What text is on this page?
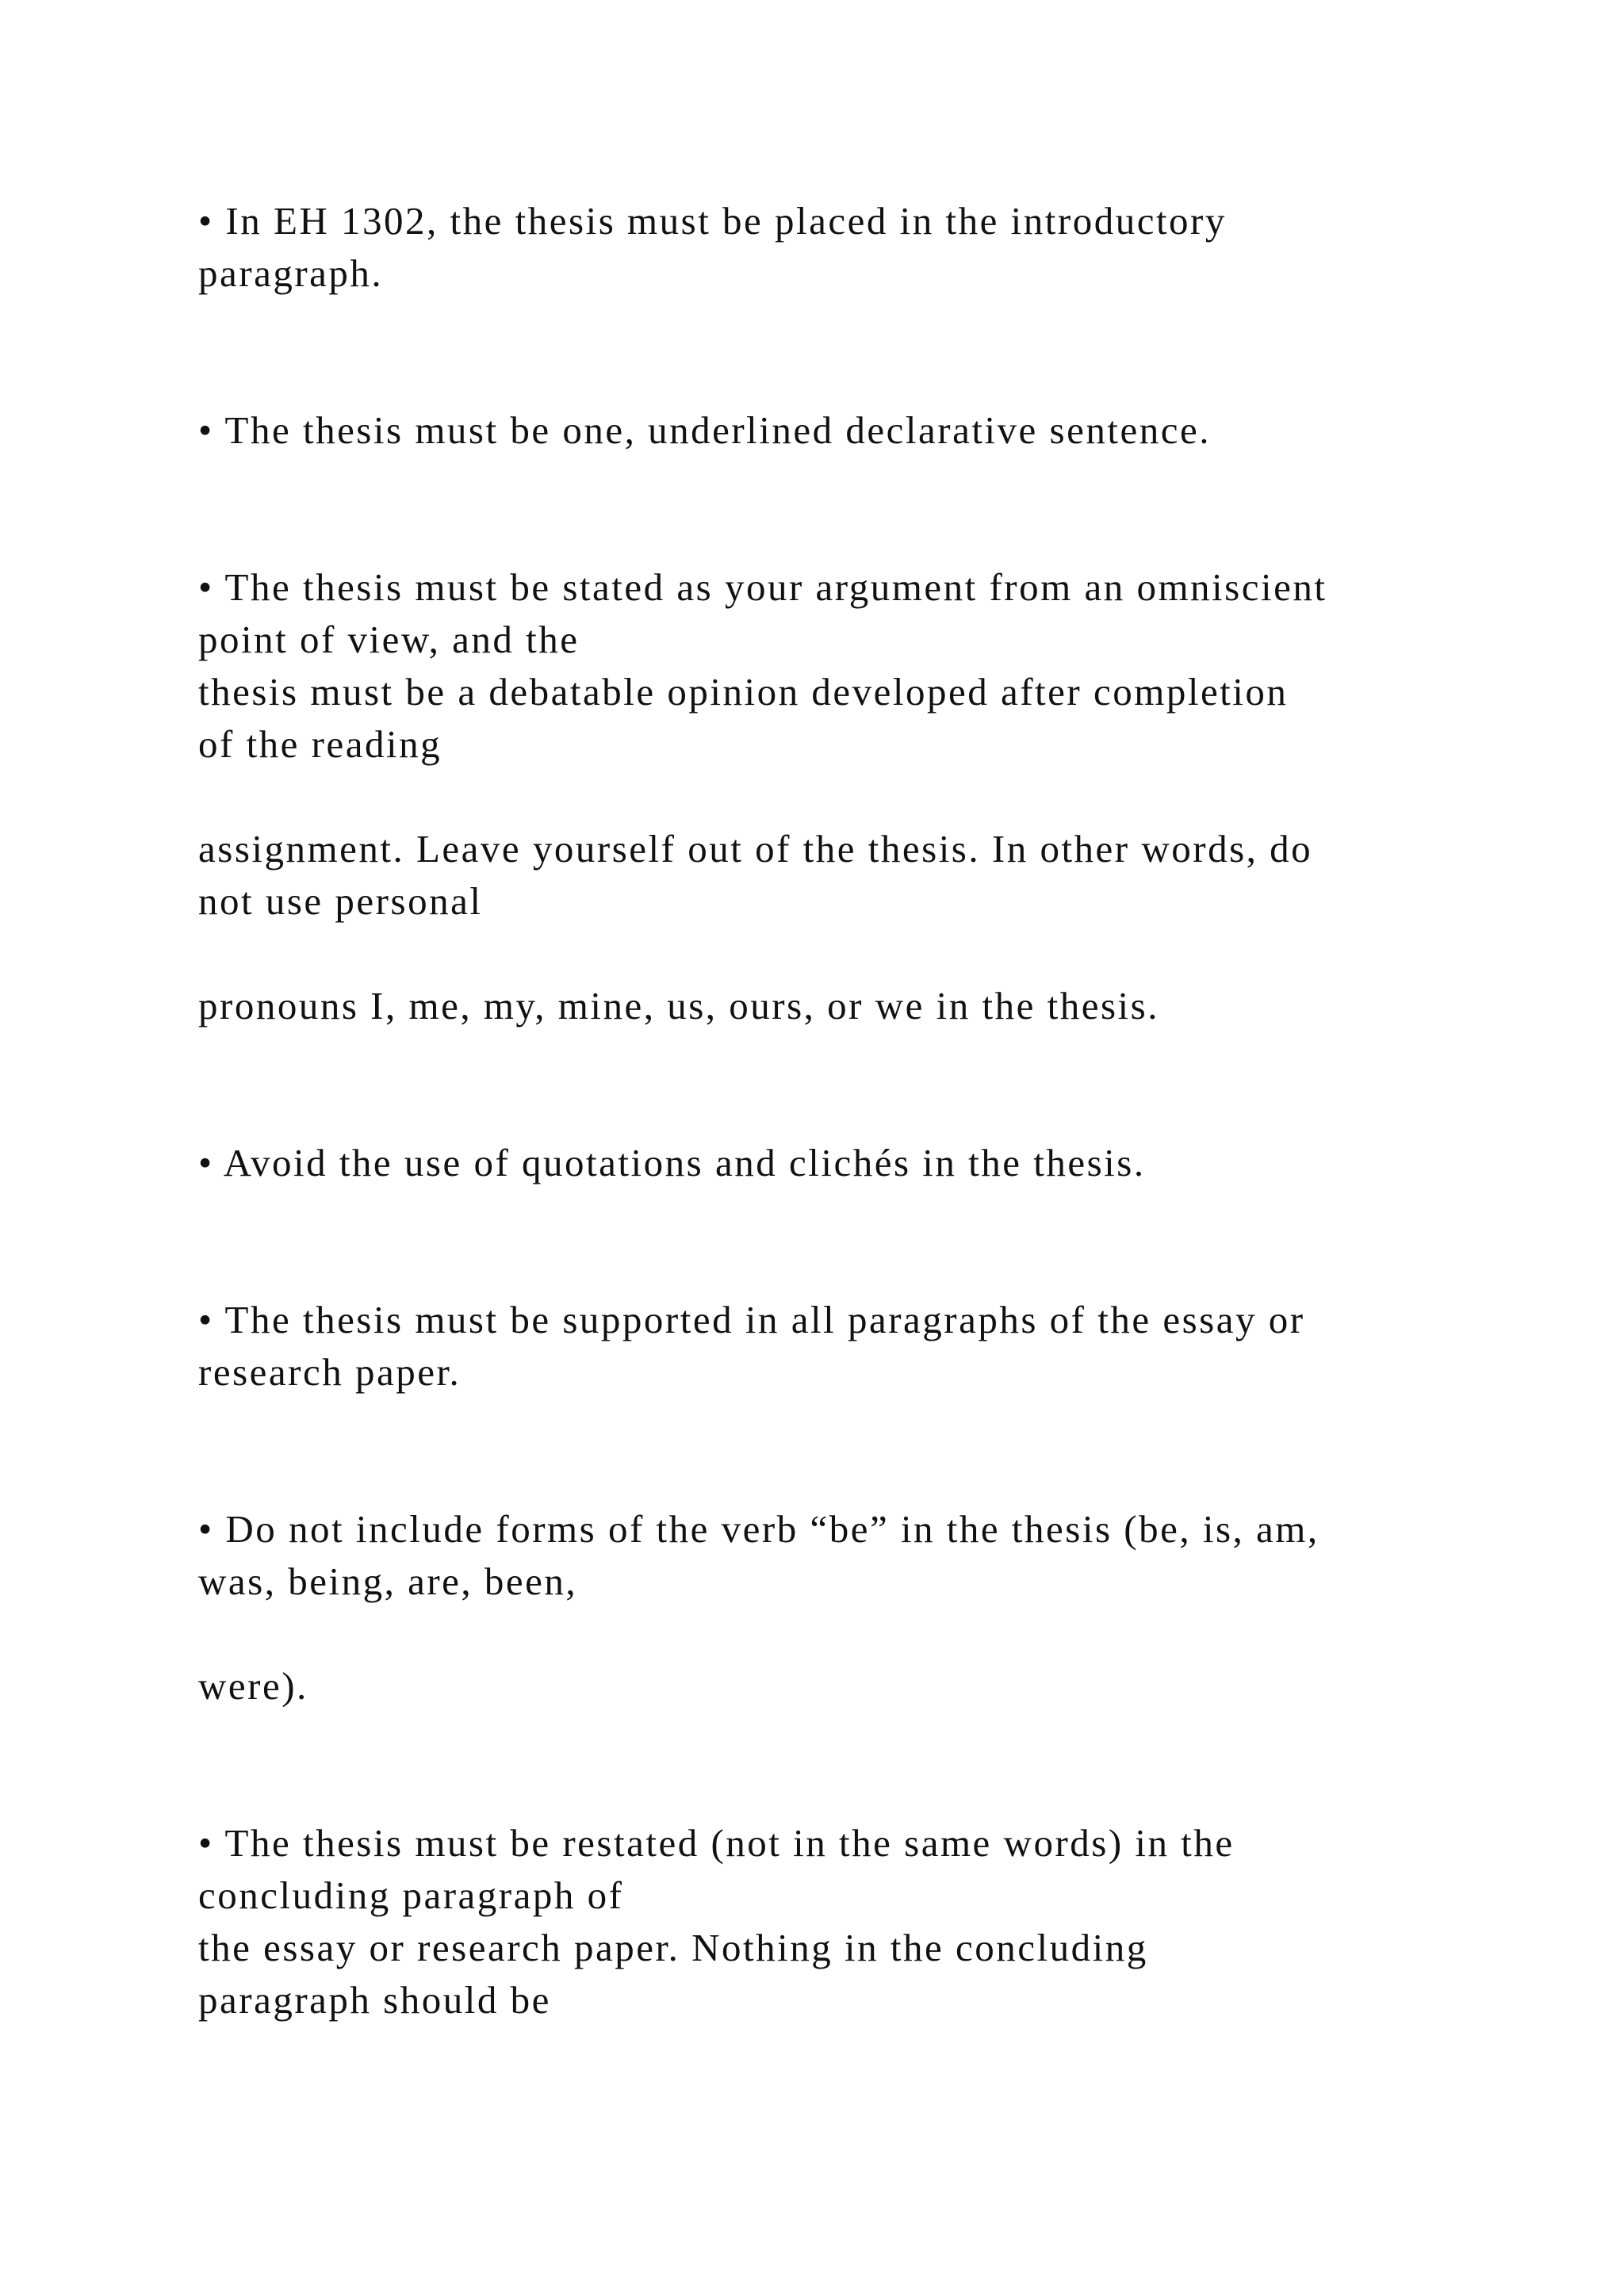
• In EH 1302, the thesis must be placed in the introductory

paragraph.

• The thesis must be one, underlined declarative sentence.

• The thesis must be stated as your argument from an omniscient

point of view, and the

thesis must be a debatable opinion developed after completion

of the reading

assignment. Leave yourself out of the thesis. In other words, do

not use personal

pronouns I, me, my, mine, us, ours, or we in the thesis.

• Avoid the use of quotations and clichés in the thesis.

• The thesis must be supported in all paragraphs of the essay or

research paper.

• Do not include forms of the verb “be” in the thesis (be, is, am,

was, being, are, been,

were).

• The thesis must be restated (not in the same words) in the

concluding paragraph of

the essay or research paper. Nothing in the concluding

paragraph should be
